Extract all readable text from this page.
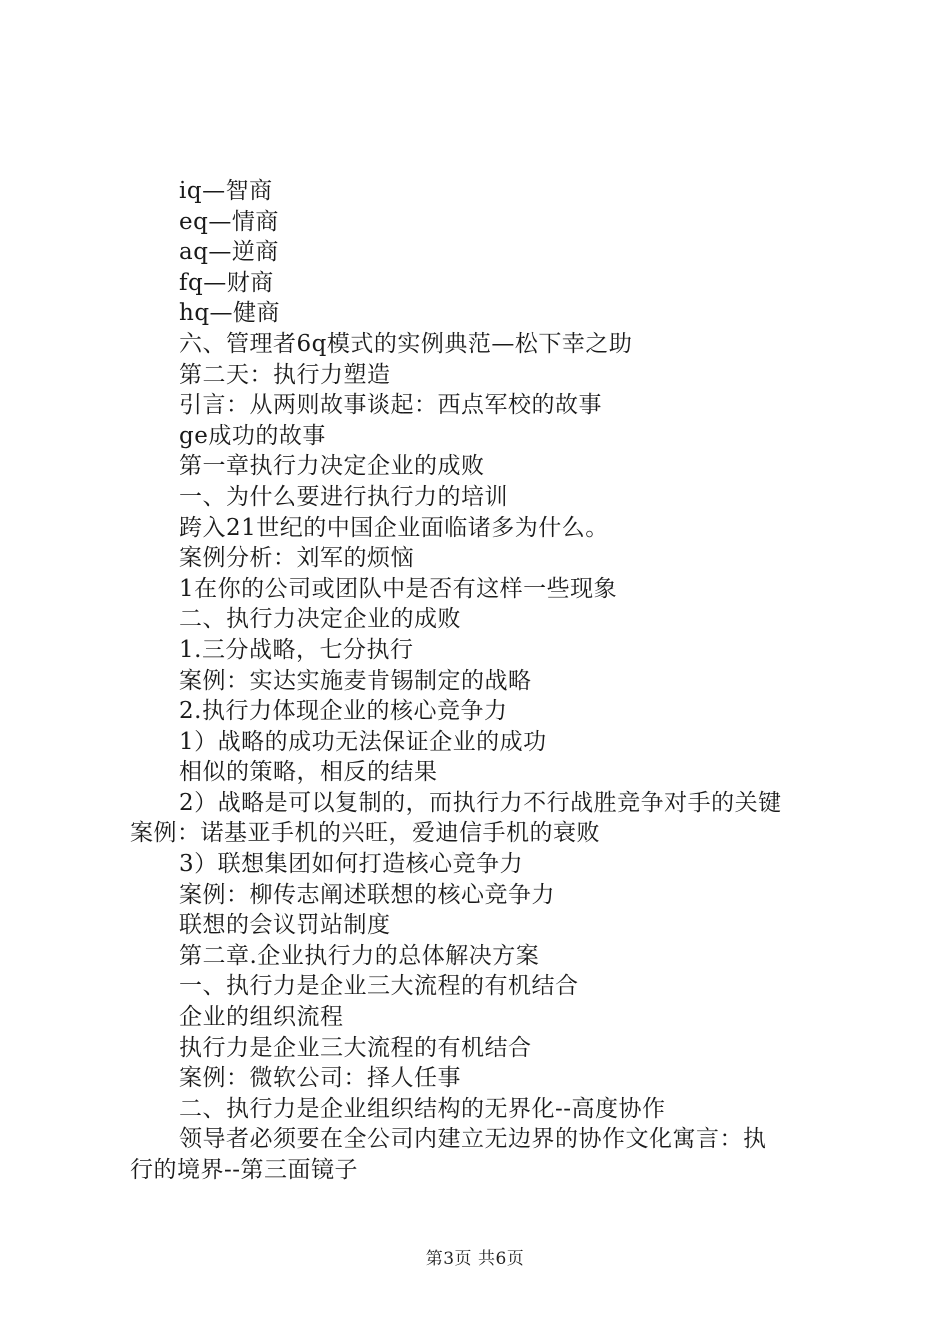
iq—智商
eq—情商
aq—逆商
fq—财商
hq—健商
六、管理者6q模式的实例典范—松下幸之助
第二天：执行力塑造
引言：从两则故事谈起：西点军校的故事
ge成功的故事
第一章执行力决定企业的成败
一、为什么要进行执行力的培训
跨入21世纪的中国企业面临诸多为什么。
案例分析：刘军的烦恼
1在你的公司或团队中是否有这样一些现象
二、执行力决定企业的成败
1.三分战略，七分执行
案例：实达实施麦肯锡制定的战略
2.执行力体现企业的核心竞争力
1）战略的成功无法保证企业的成功
相似的策略，相反的结果
2）战略是可以复制的，而执行力不行战胜竞争对手的关键
案例：诺基亚手机的兴旺，爱迪信手机的衰败
3）联想集团如何打造核心竞争力
案例：柳传志阐述联想的核心竞争力
联想的会议罚站制度
第二章.企业执行力的总体解决方案
一、执行力是企业三大流程的有机结合
企业的组织流程
执行力是企业三大流程的有机结合
案例：微软公司：择人任事
二、执行力是企业组织结构的无界化--高度协作
领导者必须要在全公司内建立无边界的协作文化寓言：执
行的境界--第三面镜子
第3页 共6页
